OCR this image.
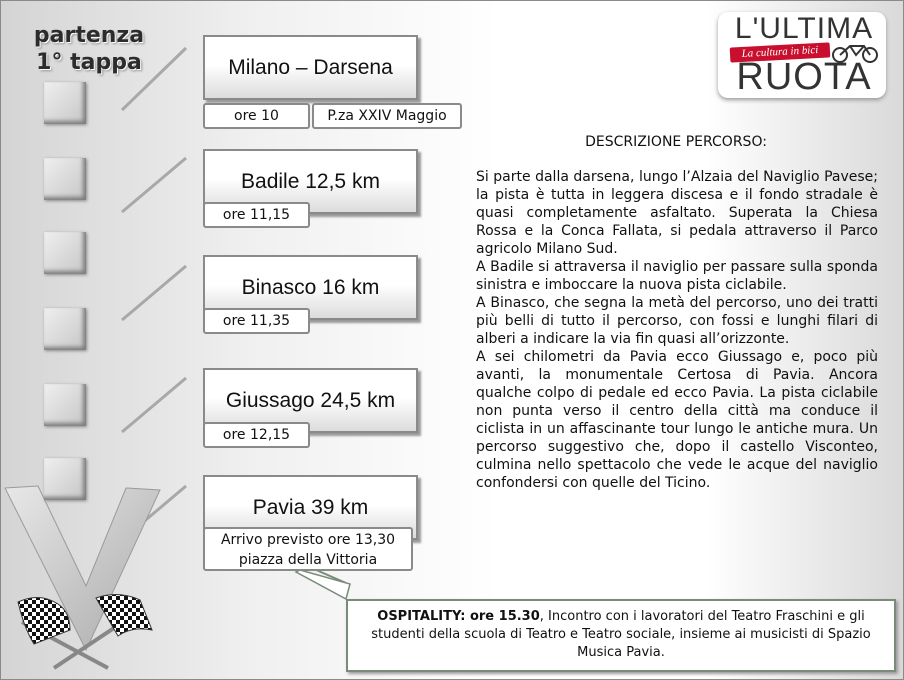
partenza
1° tappa	Milano – Darsena
ore 10	P.za XXIV Maggio
Badile 12,5 km
ore 11,15
Binasco 16 km
ore 11,35
Giussago 24,5 km
ore 12,15
Pavia 39 km
Arrivo previsto ore 13,30
piazza della Vittoria
L'ULTIMA
La cultura in bici
RUOTA
DESCRIZIONE PERCORSO:

Si parte dalla darsena, lungo l’Alzaia del Naviglio Pavese; la pista è tutta in leggera discesa e il fondo stradale è quasi completamente asfaltato. Superata la Chiesa Rossa e la Conca Fallata, si pedala attraverso il Parco agricolo Milano Sud.

A Badile si attraversa il naviglio per passare sulla sponda sinistra e imboccare la nuova pista ciclabile.

A Binasco, che segna la metà del percorso, uno dei tratti più belli di tutto il percorso, con fossi e lunghi filari di alberi a indicare la via fin quasi all’orizzonte.

A sei chilometri da Pavia ecco Giussago e, poco più avanti, la monumentale Certosa di Pavia. Ancora qualche colpo di pedale ed ecco Pavia. La pista ciclabile non punta verso il centro della città ma conduce il ciclista in un affascinante tour lungo le antiche mura. Un percorso suggestivo che, dopo il castello Visconteo, culmina nello spettacolo che vede le acque del naviglio confondersi con quelle del Ticino.

OSPITALITY: ore 15.30, Incontro con i lavoratori del Teatro Fraschini e gli studenti della scuola di Teatro e Teatro sociale, insieme ai musicisti di Spazio Musica Pavia.
